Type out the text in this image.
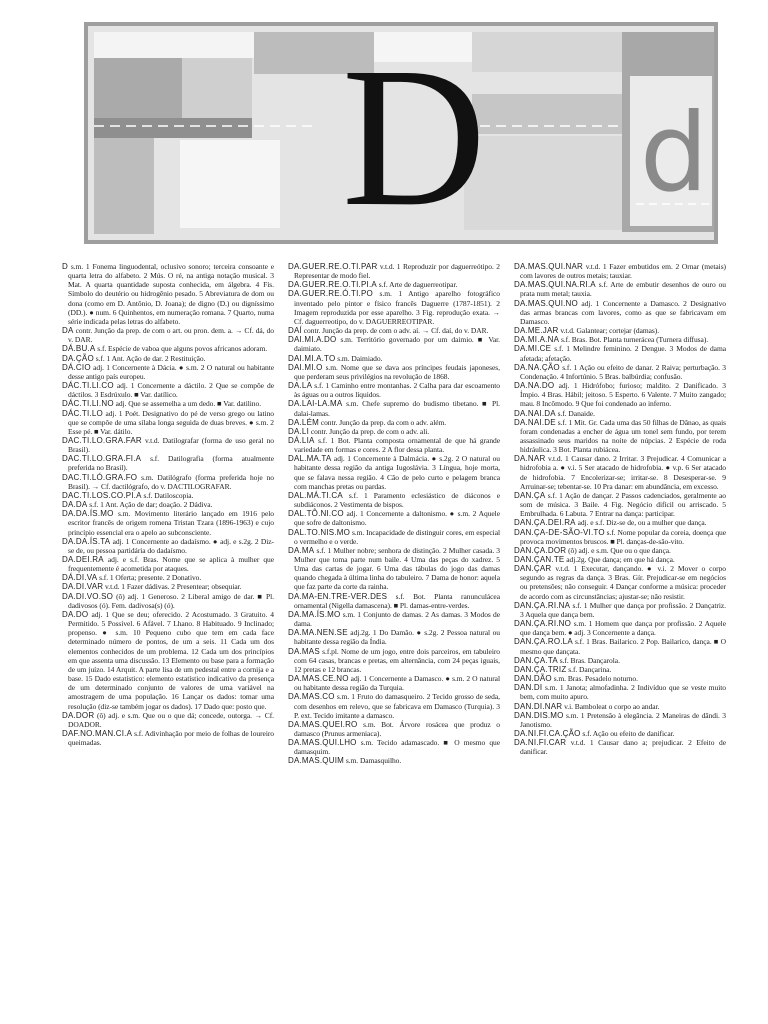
D d

D s.m. 1 Fonema linguodental, oclusivo sonoro; terceira consoante e quarta letra do alfabeto. 2 Mús. O ré, na antiga notação musical. 3 Mat. A quarta quantidade suposta conhecida, em álgebra. 4 Fís. Símbolo do deutério ou hidrogênio pesado. 5 Abreviatura de dom ou dona (como em D. Antônio, D. Joana); de digno (D.) ou digníssimo (DD.). ● num. 6 Quinhentos, em numeração romana. 7 Quarto, numa série indicada pelas letras do alfabeto.

DA contr. Junção da prep. de com o art. ou pron. dem. a. → Cf. dá, do v. DAR.

DÁ.BU.A s.f. Espécie de vaboa que alguns povos africanos adoram.

DA.ÇÃO s.f. 1 Ant. Ação de dar. 2 Restituição.

DÁ.CIO adj. 1 Concernente à Dácia. ● s.m. 2 O natural ou habitante desse antigo país europeu.

DÁC.TI.LI.CO adj. 1 Concernente a dáctilo. 2 Que se compõe de dáctilos. 3 Esdrúxulo. ■ Var. datílico.

DÁC.TI.LI.NO adj. Que se assemelha a um dedo. ■ Var. datilino.

DÁC.TI.LO adj. 1 Poét. Designativo do pé de verso grego ou latino que se compõe de uma sílaba longa seguida de duas breves. ● s.m. 2 Esse pé. ■ Var. dátilo.

DAC.TI.LO.GRA.FAR v.t.d. Datilografar (forma de uso geral no Brasil).

DAC.TI.LO.GRA.FI.A s.f. Datilografia (forma atualmente preferida no Brasil).

DAC.TI.LÓ.GRA.FO s.m. Datilógrafo (forma preferida hoje no Brasil). → Cf. dactilógrafo, do v. DACTILOGRAFAR.

DAC.TI.LOS.CO.PI.A s.f. Datiloscopia.

DA.DA s.f. 1 Ant. Ação de dar; doação. 2 Dádiva.

DA.DA.ÍS.MO s.m. Movimento literário lançado em 1916 pelo escritor francês de origem romena Tristan Tzara (1896-1963) e cujo princípio essencial era o apelo ao subconsciente.

DA.DA.ÍS.TA adj. 1 Concernente ao dadaísmo. ● adj. e s.2g. 2 Diz-se de, ou pessoa partidária do dadaísmo.

DA.DEI.RA adj. e s.f. Bras. Nome que se aplica à mulher que frequentemente é acometida por ataques.

DÁ.DI.VA s.f. 1 Oferta; presente. 2 Donativo.

DA.DI.VAR v.t.d. 1 Fazer dádivas. 2 Presentear; obsequiar.

DA.DI.VO.SO (ô) adj. 1 Generoso. 2 Liberal amigo de dar. ■ Pl. dadivosos (ó). Fem. dadivosa(s) (ó).

DA.DO adj. 1 Que se deu; oferecido. 2 Acostumado. 3 Gratuito. 4 Permitido. 5 Possível. 6 Afável. 7 Lhano. 8 Habituado. 9 Inclinado; propenso. ● s.m. 10 Pequeno cubo que tem em cada face determinado número de pontos, de um a seis. 11 Cada um dos elementos conhecidos de um problema. 12 Cada um dos princípios em que assenta uma discussão. 13 Elemento ou base para a formação de um juízo. 14 Arquit. A parte lisa de um pedestal entre a cornija e a base. 15 Dado estatístico: elemento estatístico indicativo da presença de um determinado conjunto de valores de uma variável na amostragem de uma população. 16 Lançar os dados: tomar uma resolução (diz-se também jogar os dados). 17 Dado que: posto que.

DA.DOR (ô) adj. e s.m. Que ou o que dá; concede, outorga. → Cf. DOADOR.

DAF.NO.MAN.CI.A s.f. Adivinhação por meio de folhas de loureiro queimadas.

DA.GUER.RE.O.TI.PAR v.t.d. 1 Reproduzir por daguerreótipo. 2 Representar de modo fiel.

DA.GUER.RE.O.TI.PI.A s.f. Arte de daguerreotipar.

DA.GUER.RE.Ó.TI.PO s.m. 1 Antigo aparelho fotográfico inventado pelo pintor e físico francês Daguerre (1787-1851). 2 Imagem reproduzida por esse aparelho. 3 Fig. reprodução exata. → Cf. daguerreotipo, do v. DAGUERREOTIPAR.

DAÍ contr. Junção da prep. de com o adv. aí. → Cf. daí, do v. DAR.

DAI.MI.A.DO s.m. Território governado por um daimio. ■ Var. daimiato.

DAI.MI.A.TO s.m. Daimiado.

DAI.MI.O s.m. Nome que se dava aos príncipes feudais japoneses, que perderam seus privilégios na revolução de 1868.

DA.LA s.f. 1 Caminho entre montanhas. 2 Calha para dar escoamento às águas ou a outros líquidos.

DA.LAI-LA.MA s.m. Chefe supremo do budismo tibetano. ■ Pl. dalai-lamas.

DA.LÉM contr. Junção da prep. da com o adv. além.

DA.LI contr. Junção da prep. de com o adv. ali.

DÁ.LIA s.f. 1 Bot. Planta composta ornamental de que há grande variedade em formas e cores. 2 A flor dessa planta.

DAL.MA.TA adj. 1 Concernente à Dalmácia. ● s.2g. 2 O natural ou habitante dessa região da antiga Iugoslávia. 3 Língua, hoje morta, que se falava nessa região. 4 Cão de pelo curto e pelagem branca com manchas pretas ou pardas.

DAL.MÁ.TI.CA s.f. 1 Paramento eclesiástico de diáconos e subdiáconos. 2 Vestimenta de bispos.

DAL.TÔ.NI.CO adj. 1 Concernente a daltonismo. ● s.m. 2 Aquele que sofre de daltonismo.

DAL.TO.NIS.MO s.m. Incapacidade de distinguir cores, em especial o vermelho e o verde.

DA.MA s.f. 1 Mulher nobre; senhora de distinção. 2 Mulher casada. 3 Mulher que toma parte num baile. 4 Uma das peças do xadrez. 5 Uma das cartas de jogar. 6 Uma das tábulas do jogo das damas quando chegada à última linha do tabuleiro. 7 Dama de honor: aquela que faz parte da corte da rainha.

DA.MA-EN.TRE-VER.DES s.f. Bot. Planta ranunculácea ornamental (Nigella damascena). ■ Pl. damas-entre-verdes.

DA.MA.ÍS.MO s.m. 1 Conjunto de damas. 2 As damas. 3 Modos de dama.

DA.MA.NEN.SE adj.2g. 1 Do Damão. ● s.2g. 2 Pessoa natural ou habitante dessa região da Índia.

DA.MAS s.f.pl. Nome de um jogo, entre dois parceiros, em tabuleiro com 64 casas, brancas e pretas, em alternância, com 24 peças iguais, 12 pretas e 12 brancas.

DA.MAS.CE.NO adj. 1 Concernente a Damasco. ● s.m. 2 O natural ou habitante dessa região da Turquia.

DA.MAS.CO s.m. 1 Fruto do damasqueiro. 2 Tecido grosso de seda, com desenhos em relevo, que se fabricava em Damasco (Turquia). 3 P. ext. Tecido imitante a damasco.

DA.MAS.QUEI.RO s.m. Bot. Árvore rosácea que produz o damasco (Prunus armeniaca).

DA.MAS.QUI.LHO s.m. Tecido adamascado. ■ O mesmo que damasquim.

DA.MAS.QUIM s.m. Damasquilho.

DA.MAS.QUI.NAR v.t.d. 1 Fazer embutidos em. 2 Ornar (metais) com lavores de outros metais; tauxiar.

DA.MAS.QUI.NA.RI.A s.f. Arte de embutir desenhos de ouro ou prata num metal; tauxia.

DA.MAS.QUI.NO adj. 1 Concernente a Damasco. 2 Designativo das armas brancas com lavores, como as que se fabricavam em Damasco.

DA.ME.JAR v.t.d. Galantear; cortejar (damas).

DA.MI.A.NA s.f. Bras. Bot. Planta turnerácea (Turnera diffusa).

DA.MI.CE s.f. 1 Melindre feminino. 2 Dengue. 3 Modos de dama afetada; afetação.

DA.NA.ÇÃO s.f. 1 Ação ou efeito de danar. 2 Raiva; perturbação. 3 Condenação. 4 Infortúnio. 5 Bras. balbúrdia; confusão.

DA.NA.DO adj. 1 Hidrófobo; furioso; maldito. 2 Danificado. 3 Ímpio. 4 Bras. Hábil; jeitoso. 5 Esperto. 6 Valente. 7 Muito zangado; mau. 8 Incômodo. 9 Que foi condenado ao inferno.

DA.NAI.DA s.f. Danaide.

DA.NAI.DE s.f. 1 Mit. Gr. Cada uma das 50 filhas de Dânao, as quais foram condenadas a encher de água um tonel sem fundo, por terem assassinado seus maridos na noite de núpcias. 2 Espécie de roda hidráulica. 3 Bot. Planta rubiácea.

DA.NAR v.t.d. 1 Causar dano. 2 Irritar. 3 Prejudicar. 4 Comunicar a hidrofobia a. ● v.i. 5 Ser atacado de hidrofobia. ● v.p. 6 Ser atacado de hidrofobia. 7 Encolerizar-se; irritar-se. 8 Desesperar-se. 9 Arruinar-se; tebentar-se. 10 Pra danar: em abundância, em excesso.

DAN.ÇA s.f. 1 Ação de dançar. 2 Passos cadenciados, geralmente ao som de música. 3 Baile. 4 Fig. Negócio difícil ou arriscado. 5 Embrulhada. 6 Labuta. 7 Entrar na dança: participar.

DAN.ÇA.DEI.RA adj. e s.f. Diz-se de, ou a mulher que dança.

DAN.ÇA-DE-SÃO-VI.TO s.f. Nome popular da coreia, doença que provoca movimentos bruscos. ■ Pl. danças-de-são-vito.

DAN.ÇA.DOR (ô) adj. e s.m. Que ou o que dança.

DAN.ÇAN.TE adj.2g. Que dança; em que há dança.

DAN.ÇAR v.t.d. 1 Executar, dançando. ● v.i. 2 Mover o corpo segundo as regras da dança. 3 Bras. Gír. Prejudicar-se em negócios ou pretensões; não conseguir. 4 Dançar conforme a música: proceder de acordo com as circunstâncias; ajustar-se; não resistir.

DAN.ÇA.RI.NA s.f. 1 Mulher que dança por profissão. 2 Dançatriz. 3 Aquela que dança bem.

DAN.ÇA.RI.NO s.m. 1 Homem que dança por profissão. 2 Aquele que dança bem. ● adj. 3 Concernente a dança.

DAN.ÇA.RO.LA s.f. 1 Bras. Bailarico. 2 Pop. Bailarico, dança. ■ O mesmo que dançata.

DAN.ÇA.TA s.f. Bras. Dançarola.

DAN.ÇA.TRIZ s.f. Dançarina.

DAN.DÃO s.m. Bras. Pesadelo noturno.

DAN.DI s.m. 1 Janota; almofadinha. 2 Indivíduo que se veste muito bem, com muito apuro.

DAN.DI.NAR v.i. Bamboleat o corpo ao andar.

DAN.DIS.MO s.m. 1 Pretensão à elegância. 2 Maneiras de dândi. 3 Janotismo.

DA.NI.FI.CA.ÇÃO s.f. Ação ou efeito de danificar.

DA.NI.FI.CAR v.t.d. 1 Causar dano a; prejudicar. 2 Efeito de danificar.
